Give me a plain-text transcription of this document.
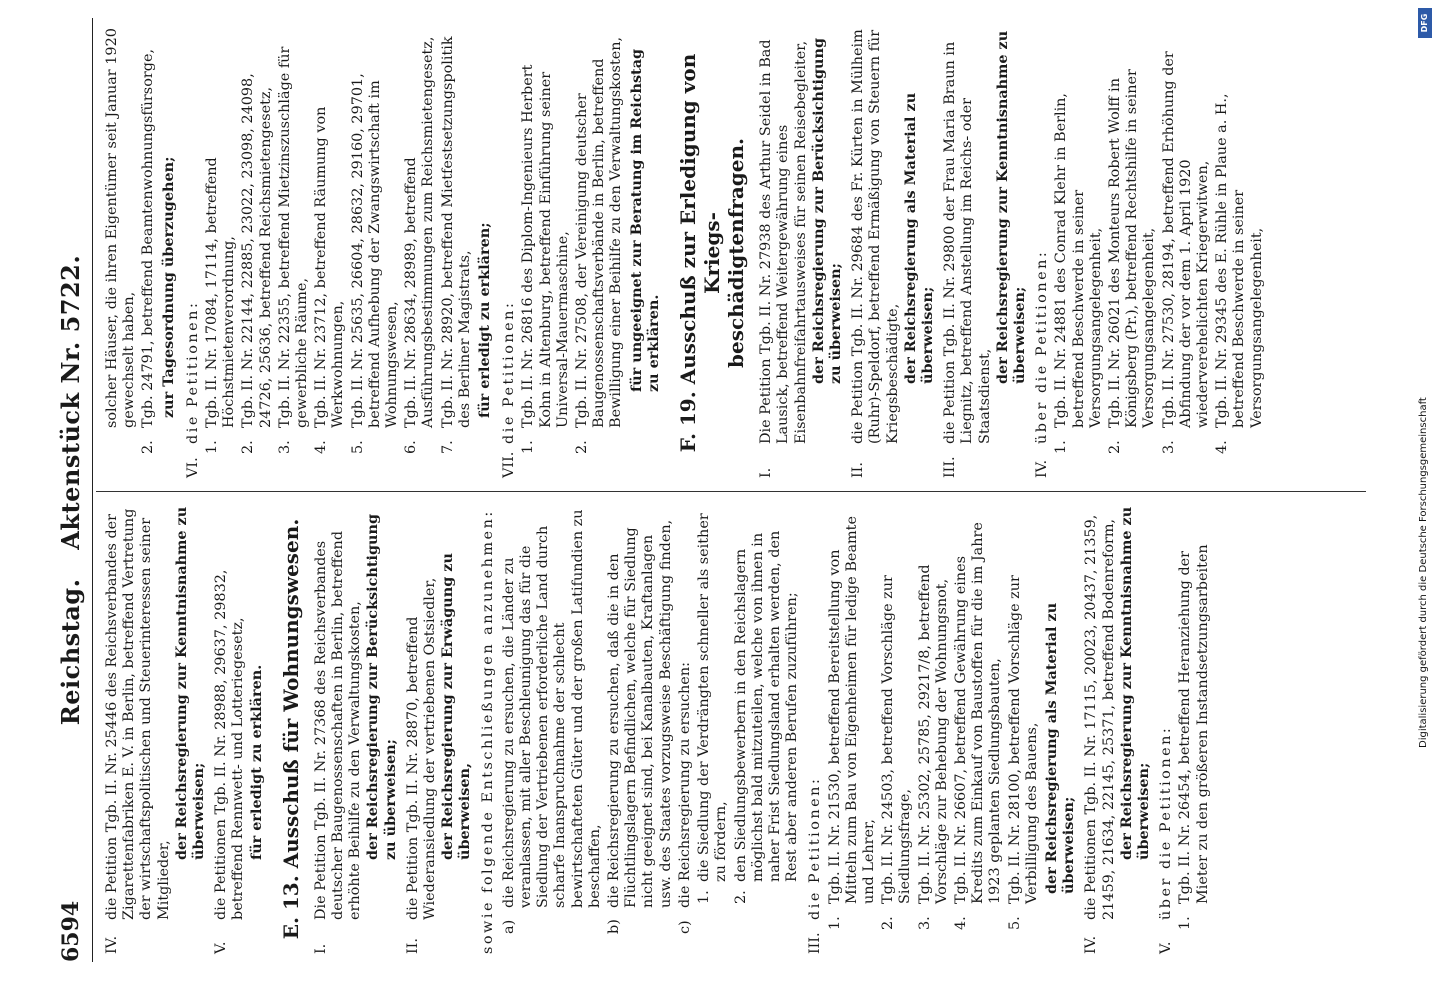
6594
Reichstag. Aktenstück Nr. 5722.
IV.
die Petition Tgb. II. Nr. 25446 des Reichsverbandes der Zigarettenfabriken E. V. in Berlin, betreffend Vertretung der wirtschaftspolitischen und Steuerinteressen seiner Mitglieder,
der Reichsregierung zur Kenntnisnahme zu überweisen;
V.
die Petitionen Tgb. II. Nr. 28988, 29637, 29832, betreffend Rennwett- und Lotteriegesetz, für erledigt zu erklären. E. 13. Ausschuß für Wohnungswesen.
I.
Die Petition Tgb. II. Nr. 27368 des Reichsverbandes deutscher Baugenossenschaften in Berlin, betreffend erhöhte Beihilfe zu den Verwaltungskosten, der Reichsregierung zur Berücksichtigung zu überweisen;
II.
die Petition Tgb. II. Nr. 28870, betreffend Wiederansiedlung der vertriebenen Ostsiedler, der Reichsregierung zur Erwägung zu überweisen, sowie folgende Entschließungen anzunehmen: a)
die Reichsregierung zu ersuchen, die Länder zu veranlassen, mit aller Beschleunigung das für die Siedlung der Vertriebenen erforderliche Land durch scharfe Inanspruchnahme der schlecht bewirtschafteten Güter und der großen Latifundien zu beschaffen,
b)
die Reichsregierung zu ersuchen, daß die in den Flüchtlingslagern Befindlichen, welche für Siedlung nicht geeignet sind, bei Kanalbauten, Kraftanlagen usw. des Staates vorzugsweise Beschäftigung finden,
c)
die Reichsregierung zu ersuchen: 1.
die Siedlung der Verdrängten schneller als seither zu fördern,
2.
den Siedlungsbewerbern in den Reichslagern möglichst bald mitzuteilen, welche von ihnen in naher Frist Siedlungsland erhalten werden, den Rest aber anderen Berufen zuzuführen;
III.
die Petitionen:
1.
Tgb. II. Nr. 21530, betreffend Bereitstellung von Mitteln zum Bau von Eigenheimen für ledige Beamte und Lehrer,
2.
Tgb. II. Nr. 24503, betreffend Vorschläge zur Siedlungsfrage,
3.
Tgb. II. Nr. 25302, 25785, 29217/8, betreffend Vorschläge zur Behebung der Wohnungsnot,
4.
Tgb. II. Nr. 26607, betreffend Gewährung eines Kredits zum Einkauf von Baustoffen für die im Jahre 1923 geplanten Siedlungsbauten,
5.
Tgb. II. Nr. 28100, betreffend Vorschläge zur Verbilligung des Bauens, der Reichsregierung als Material zu überweisen;
IV.
die Petitionen Tgb. II. Nr. 17115, 20023, 20437, 21359, 21459, 21634, 22145, 25371, betreffend Bodenreform, der Reichsregierung zur Kenntnisnahme zu überweisen;
V.
über die Petitionen:
1.
Tgb. II. Nr. 26454, betreffend Heranziehung der Mieter zu den größeren Instandsetzungsarbeiten
solcher Häuser, die ihren Eigentümer seit Januar 1920 gewechselt haben,
2.
Tgb. 24791, betreffend Beamtenwohnungsfürsorge, zur Tagesordnung überzugehen;
VI.
die Petitionen:
1.
Tgb. II. Nr. 17084, 17114, betreffend Höchstmietenverordnung,
2.
Tgb. II. Nr. 22144, 22885, 23022, 23098, 24098, 24726, 25636, betreffend Reichsmietengesetz,
3.
Tgb. II. Nr. 22355, betreffend Mietzinszuschläge für gewerbliche Räume,
4.
Tgb. II. Nr. 23712, betreffend Räumung von Werkwohnungen,
5.
Tgb. II. Nr. 25635, 26604, 28632, 29160, 29701, betreffend Aufhebung der Zwangswirtschaft im Wohnungswesen,
6.
Tgb. II. Nr. 28634, 28989, betreffend Ausführungsbestimmungen zum Reichsmietengesetz,
7.
Tgb. II. Nr. 28920, betreffend Mietfestsetzungspolitik des Berliner Magistrats, für erledigt zu erklären;
VII.
die Petitionen:
1.
Tgb. II. Nr. 26816 des Diplom-Ingenieurs Herbert Kohn in Altenburg, betreffend Einführung seiner Universal-Mauermaschine,
2.
Tgb. II. Nr. 27508, der Vereinigung deutscher Baugenossenschaftsverbände in Berlin, betreffend Bewilligung einer Beihilfe zu den Verwaltungskosten, für ungeeignet zur Beratung im Reichstag zu erklären. F. 19. Ausschuß zur Erledigung von Kriegs-
beschädigtenfragen.
I.
Die Petition Tgb. II. Nr. 27938 des Arthur Seidel in Bad Lausick, betreffend Weitergewährung eines Eisenbahnfreifahrtausweises für seinen Reisebegleiter, der Reichsregierung zur Berücksichtigung zu überweisen;
II.
die Petition Tgb. II. Nr. 29684 des Fr. Kürten in Mülheim (Ruhr)-Speldorf, betreffend Ermäßigung von Steuern für Kriegsbeschädigte, der Reichsregierung als Material zu überweisen;
III.
die Petition Tgb. II. Nr. 29800 der Frau Maria Braun in Liegnitz, betreffend Anstellung im Reichs- oder Staatsdienst,
der Reichsregierung zur Kenntnisnahme zu überweisen;
IV.
über die Petitionen:
1.
Tgb. II. Nr. 24881 des Conrad Klehr in Berlin, betreffend Beschwerde in seiner Versorgungsangelegenheit,
2.
Tgb. II. Nr. 26021 des Monteurs Robert Wolff in Königsberg (Pr.), betreffend Rechtshilfe in seiner Versorgungsangelegenheit,
3.
Tgb. II. Nr. 27530, 28194, betreffend Erhöhung der Abfindung der vor dem 1. April 1920 wiederverehelichten Kriegerwitwen,
4.
Tgb. II. Nr. 29345 des E. Rühle in Plaue a. H., betreffend Beschwerde in seiner Versorgungsangelegenheit,
DFG
Digitalisierung gefördert durch die Deutsche Forschungsgemeinschaft
